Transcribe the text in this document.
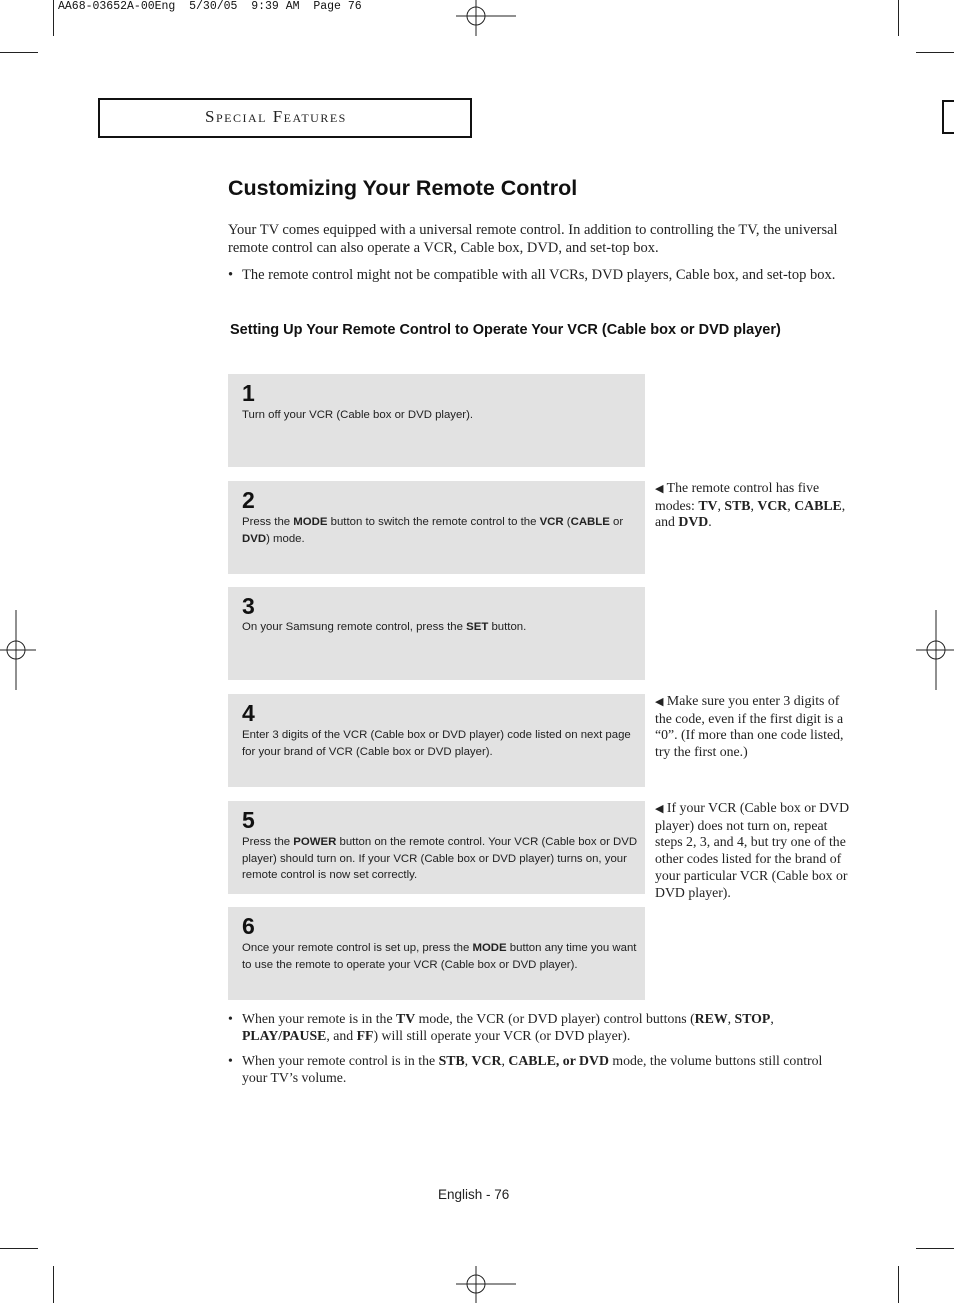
AA68-03652A-00Eng  5/30/05  9:39 AM  Page 76
Special Features
Customizing Your Remote Control
Your TV comes equipped with a universal remote control. In addition to controlling the TV, the universal remote control can also operate a VCR, Cable box, DVD, and set-top box.
• The remote control might not be compatible with all VCRs, DVD players, Cable box, and set-top box.
Setting Up Your Remote Control to Operate Your VCR (Cable box or DVD player)
1
Turn off your VCR (Cable box or DVD player).
2
Press the MODE button to switch the remote control to the VCR (CABLE or DVD) mode.
3
On your Samsung remote control, press the SET button.
4
Enter 3 digits of the VCR (Cable box or DVD player) code listed on next page for your brand of VCR (Cable box or DVD player).
5
Press the POWER button on the remote control. Your VCR (Cable box or DVD player) should turn on. If your VCR (Cable box or DVD player) turns on, your remote control is now set correctly.
6
Once your remote control is set up, press the MODE button any time you want to use the remote to operate your VCR (Cable box or DVD player).
◀ The remote control has five modes: TV, STB, VCR, CABLE, and DVD.
◀ Make sure you enter 3 digits of the code, even if the first digit is a “0”. (If more than one code listed, try the first one.)
◀ If your VCR (Cable box or DVD player) does not turn on, repeat steps 2, 3, and 4, but try one of the other codes listed for the brand of your particular VCR (Cable box or DVD player).
• When your remote is in the TV mode, the VCR (or DVD player) control buttons (REW, STOP, PLAY/PAUSE, and FF) will still operate your VCR (or DVD player).
• When your remote control is in the STB, VCR, CABLE, or DVD mode, the volume buttons still control your TV’s volume.
English - 76
